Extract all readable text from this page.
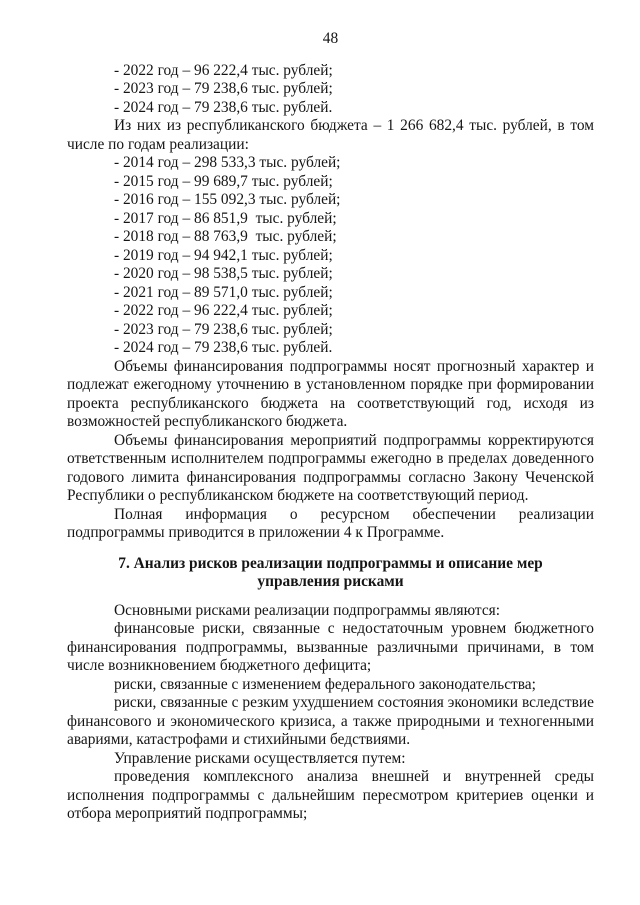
48
- 2022 год – 96 222,4 тыс. рублей;
- 2023 год – 79 238,6 тыс. рублей;
- 2024 год – 79 238,6 тыс. рублей.

Из них из республиканского бюджета – 1 266 682,4 тыс. рублей, в том числе по годам реализации:

- 2014 год – 298 533,3 тыс. рублей;
- 2015 год – 99 689,7 тыс. рублей;
- 2016 год – 155 092,3 тыс. рублей;
- 2017 год – 86 851,9  тыс. рублей;
- 2018 год – 88 763,9  тыс. рублей;
- 2019 год – 94 942,1 тыс. рублей;
- 2020 год – 98 538,5 тыс. рублей;
- 2021 год – 89 571,0 тыс. рублей;
- 2022 год – 96 222,4 тыс. рублей;
- 2023 год – 79 238,6 тыс. рублей;
- 2024 год – 79 238,6 тыс. рублей.

Объемы финансирования подпрограммы носят прогнозный характер и подлежат ежегодному уточнению в установленном порядке при формировании проекта республиканского бюджета на соответствующий год, исходя из возможностей республиканского бюджета.

Объемы финансирования мероприятий подпрограммы корректируются ответственным исполнителем подпрограммы ежегодно в пределах доведенного годового лимита финансирования подпрограммы согласно Закону Чеченской Республики о республиканском бюджете на соответствующий период.

Полная информация о ресурсном обеспечении реализации подпрограммы приводится в приложении 4 к Программе.

7. Анализ рисков реализации подпрограммы и описание мер
управления рисками

Основными рисками реализации подпрограммы являются:

финансовые риски, связанные с недостаточным уровнем бюджетного финансирования подпрограммы, вызванные различными причинами, в том числе возникновением бюджетного дефицита;

риски, связанные с изменением федерального законодательства;

риски, связанные с резким ухудшением состояния экономики вследствие финансового и экономического кризиса, а также природными и техногенными авариями, катастрофами и стихийными бедствиями.

Управление рисками осуществляется путем:

проведения комплексного анализа внешней и внутренней среды исполнения подпрограммы с дальнейшим пересмотром критериев оценки и отбора мероприятий подпрограммы;
